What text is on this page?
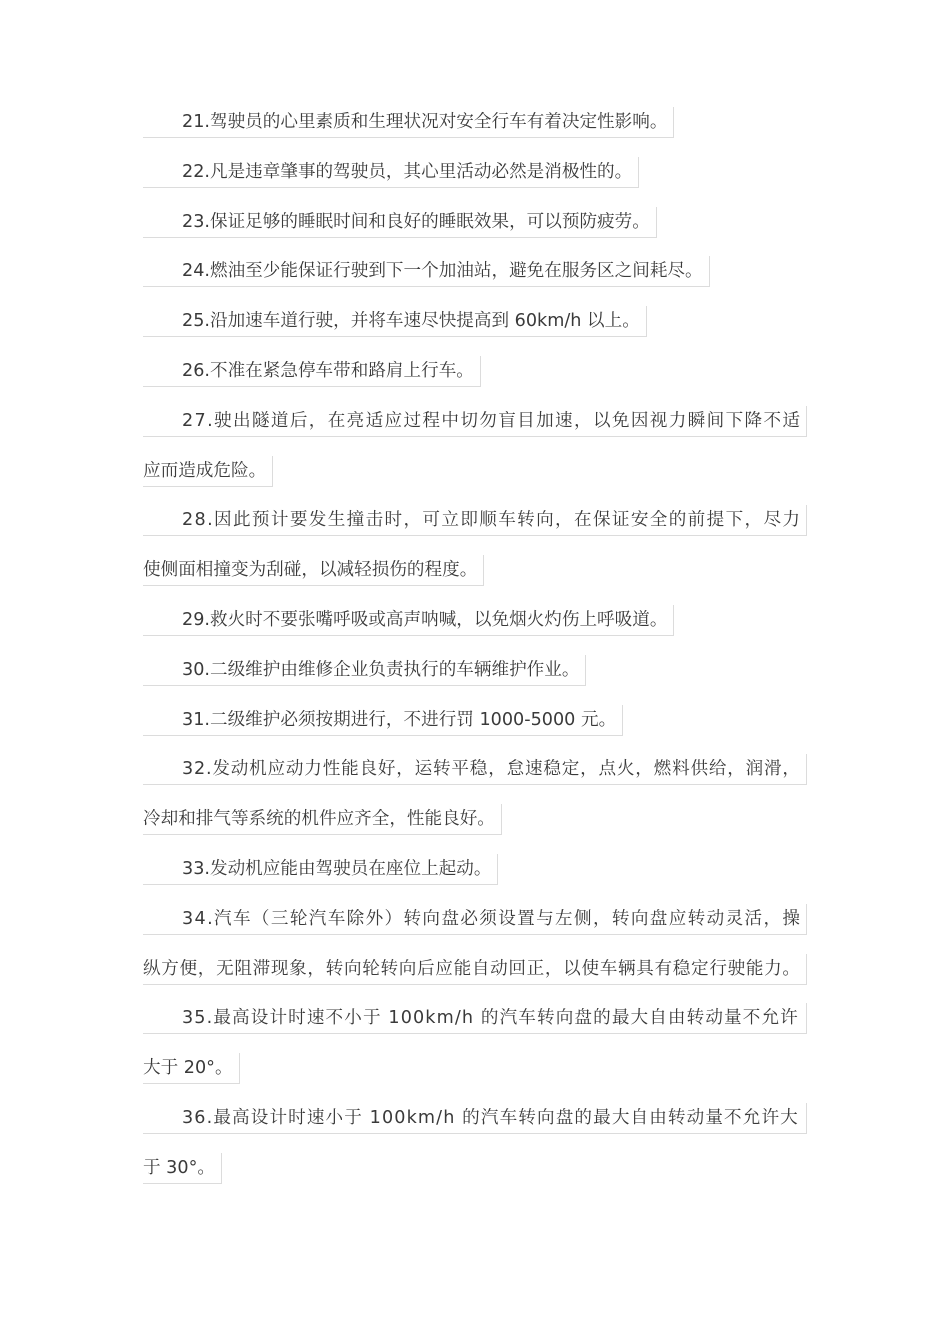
21.驾驶员的心里素质和生理状况对安全行车有着决定性影响。
22.凡是违章肇事的驾驶员，其心里活动必然是消极性的。
23.保证足够的睡眠时间和良好的睡眠效果，可以预防疲劳。
24.燃油至少能保证行驶到下一个加油站，避免在服务区之间耗尽。
25.沿加速车道行驶，并将车速尽快提高到 60km/h 以上。
26.不准在紧急停车带和路肩上行车。
27.驶出隧道后，在亮适应过程中切勿盲目加速，以免因视力瞬间下降不适
应而造成危险。
28.因此预计要发生撞击时，可立即顺车转向，在保证安全的前提下，尽力
使侧面相撞变为刮碰，以减轻损伤的程度。
29.救火时不要张嘴呼吸或高声呐喊，以免烟火灼伤上呼吸道。
30.二级维护由维修企业负责执行的车辆维护作业。
31.二级维护必须按期进行，不进行罚 1000-5000 元。
32.发动机应动力性能良好，运转平稳，怠速稳定，点火，燃料供给，润滑，
冷却和排气等系统的机件应齐全，性能良好。
33.发动机应能由驾驶员在座位上起动。
34.汽车（三轮汽车除外）转向盘必须设置与左侧，转向盘应转动灵活，操
纵方便，无阻滞现象，转向轮转向后应能自动回正，以使车辆具有稳定行驶能力。
35.最高设计时速不小于 100km/h 的汽车转向盘的最大自由转动量不允许
大于 20°。
36.最高设计时速小于 100km/h 的汽车转向盘的最大自由转动量不允许大
于 30°。
